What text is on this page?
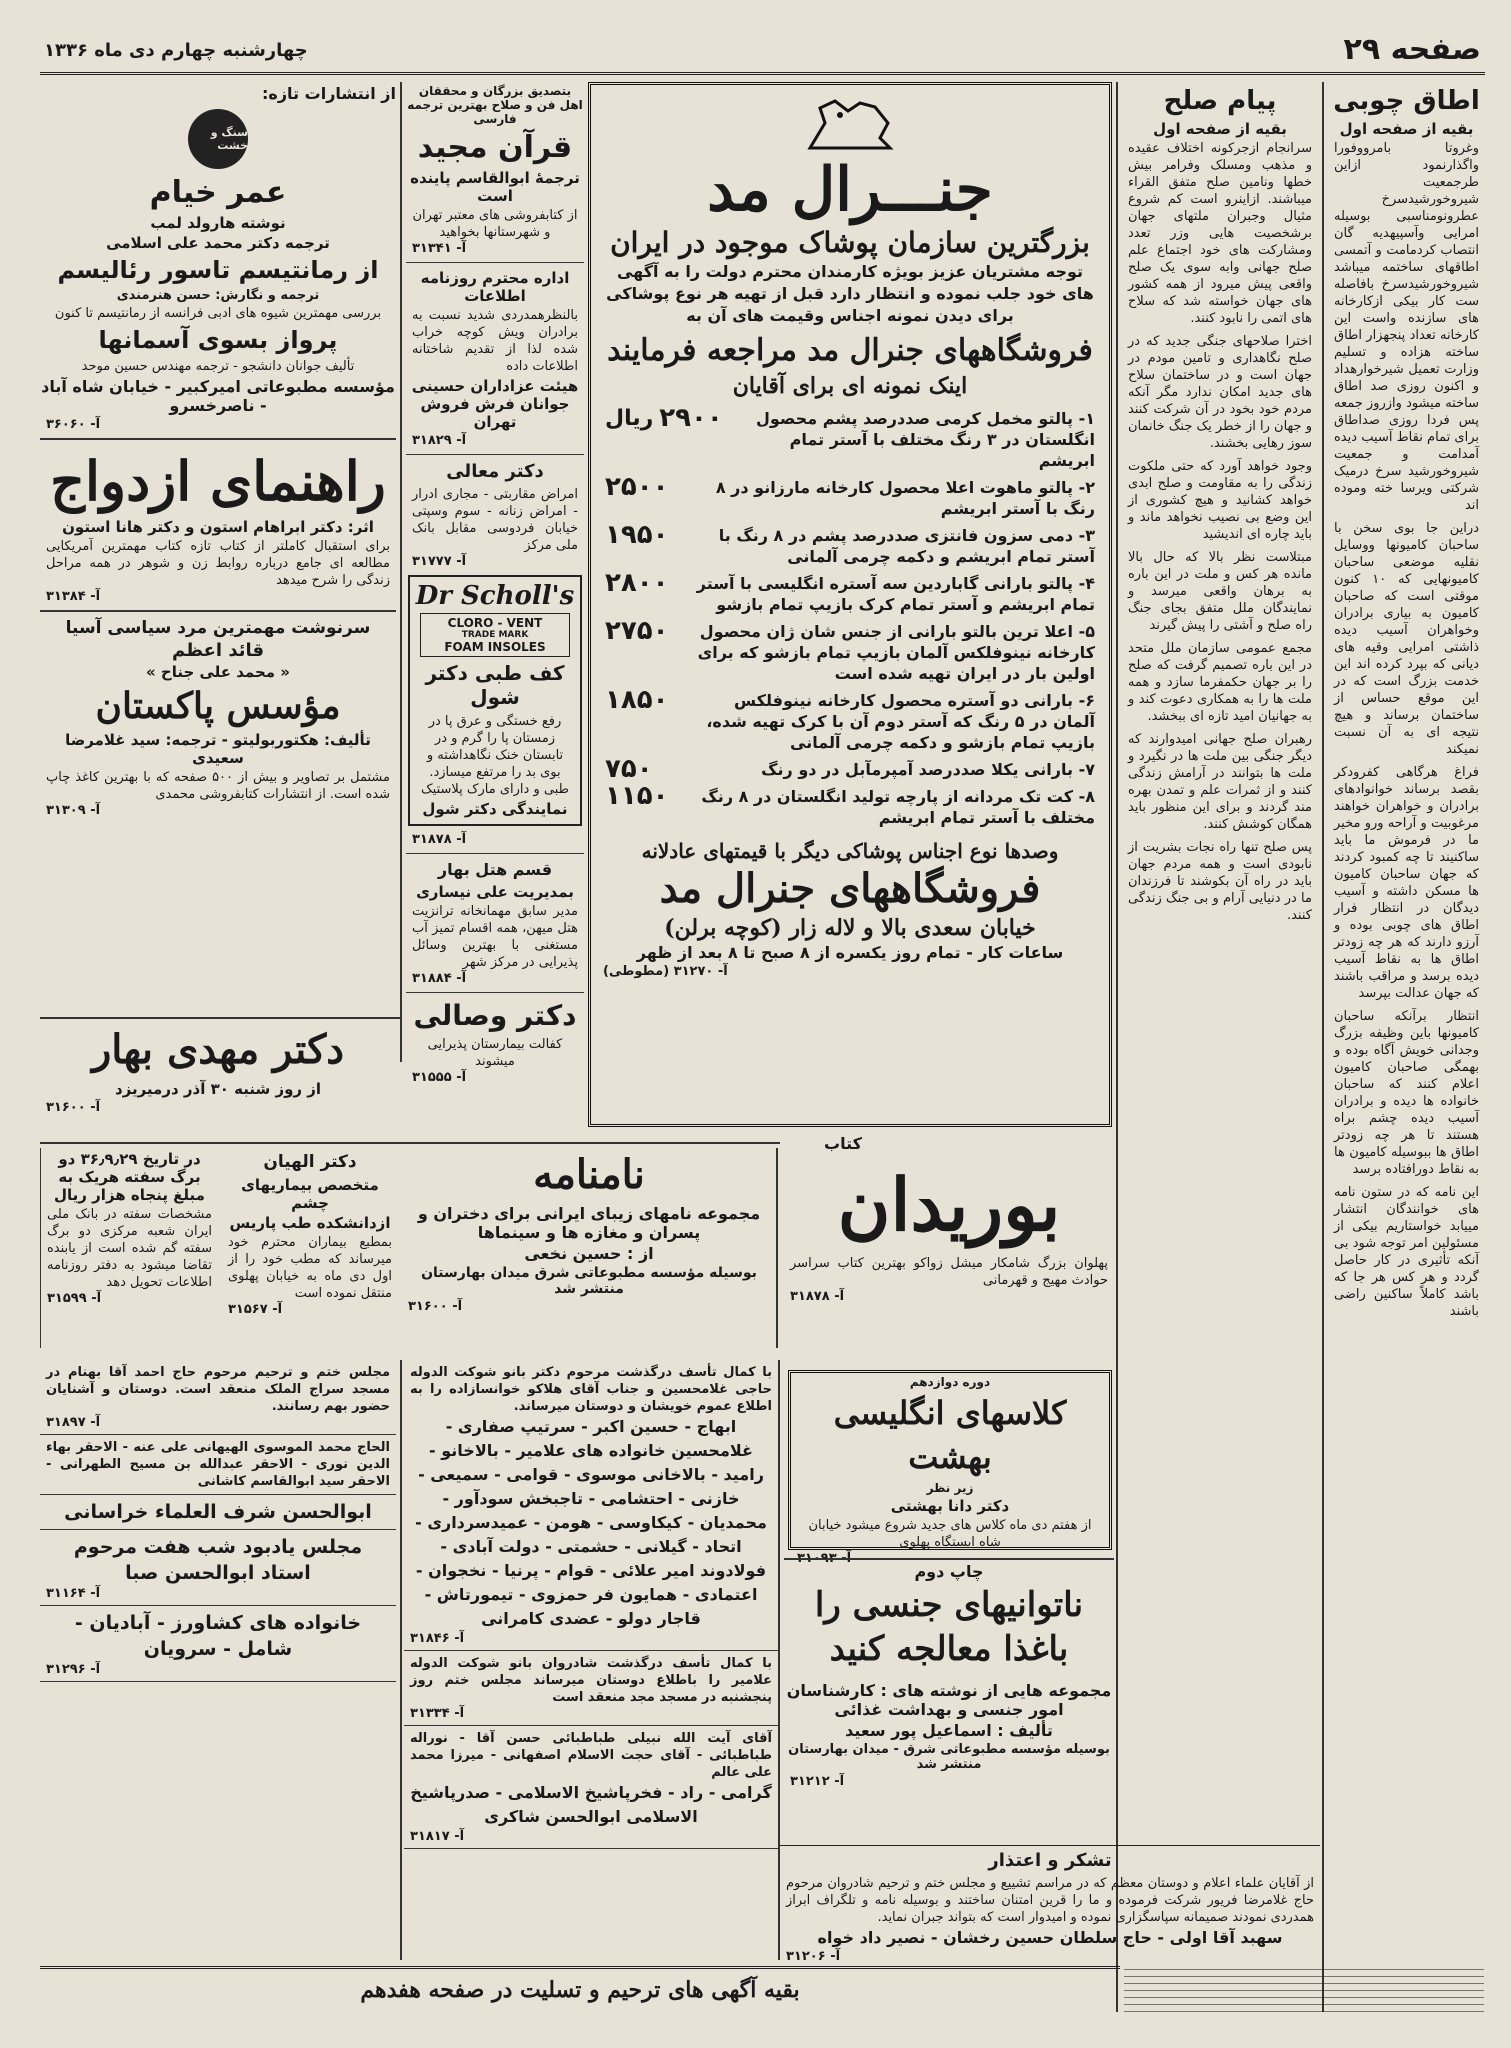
صفحه ۲۹
چهارشنبه چهارم دی ماه ۱۳۳۶
اطاق چوبی
بقیه از صفحه اول
وغروتا بامرووفورا واگذارنمود ازاین طرجمعیت شیروخورشیدسرخ عطرونومناسبی بوسیله امرایی وآسپیهدیه گان انتصاب کردمامت و آتمسی اطاقهای ساختمه میباشد شیروخورشیدسرخ بافاصله ست کار بیکی ازکارخانه های سازنده واست این کارخانه تعداد پنجهزار اطاق ساخته هزاده و تسلیم وزارت تعمیل شیرخوارهداد و اکنون روزی صد اطاق ساخته میشود وازروز جمعه پس فردا روزی صداطاق برای تمام نقاط آسیب دیده آمدامت و جمعیت شیروخورشید سرخ درمیک شرکتی ویرسا خته وموده اند
دراین جا بوی سخن با ساحبان کامیونها ووسایل نقلیه موضعی ساحبان کامیونهایی که ۱۰ کنون موقتی است که صاحبان کامیون به بیاری برادران وخواهران آسیب دیده ذاشتی امرایی وقیه های دیانی که بپرد کرده اند این خدمت بزرگ است که در این موقع حساس از ساختمان برساند و هیچ نتیجه ای به آن نسبت نمیکند
فراغ هرگاهی کفرودکر بقصد برساند خوانوادهای برادران و خواهران خواهند مرغوبیت و آراحه ورو مخیر ما در فرموش ما باید ساکنیند تا چه کمبود کردند که جهان ساحبان کامیون ها مسکن داشته و آسیب دیدگان در انتظار فرار اطاق های چوبی بوده و آرزو دارند که هر چه زودتر اطاق ها به نقاط آسیب دیده برسد و مراقب باشند که جهان عدالت بپرسد
انتظار برآنکه ساحبان کامیونها باین وظیفه بزرگ وجدانی خویش آگاه بوده و بهمگی صاحبان کامیون اعلام کنند که ساحبان خانواده ها دیده و برادران آسیب دیده چشم براه هستند تا هر چه زودتر اطاق ها ببوسیله کامیون ها به نقاط دورافتاده برسد
این نامه که در ستون نامه های خوانندگان انتشار مییابد خواستاریم بیکی از مسئولین امر توجه شود بی آنکه تأثیری در کار حاصل گردد و هر کس هر جا که باشد کاملاً ساکنین راضی باشند
پیام صلح
بقیه از صفحه اول
سرانجام ازجرکونه اختلاف عقیده و مذهب ومسلک وفرامر بیش خطها ونامین صلح متفق القراء میباشند. ازاینرو است کم شروع مثیال وجبران ملتهای جهان برشخصیت هایی وزر تعدد ومشارکت های خود اجتماع علم صلح جهانی وابه سوی یک صلح واقعی پیش میرود از همه کشور های جهان خواسته شد که سلاح های اتمی را نابود کنند.
اخترا صلاحهای جنگی جدید که در صلح نگاهداری و تامین مودم در جهان است و در ساختمان سلاح های جدید امکان ندارد مگر آنکه مردم خود بخود در آن شرکت کنند و جهان را از خطر یک جنگ خانمان سوز رهایی بخشند.
وجود خواهد آورد که حتی ملکوت زندگی را به مقاومت و صلح ابدی خواهد کشانید و هیچ کشوری از این وضع بی نصیب نخواهد ماند و باید چاره ای اندیشید
مبتلاست نظر بالا که حال بالا مانده هر کس و ملت در این باره به برهان واقعی میرسد و نمایندگان ملل متفق بجای جنگ راه صلح و آشتی را پیش گیرند
مجمع عمومی سازمان ملل متحد در این باره تصمیم گرفت که صلح را بر جهان حکمفرما سازد و همه ملت ها را به همکاری دعوت کند و به جهانیان امید تازه ای ببخشد.
رهبران صلح جهانی امیدوارند که دیگر جنگی بین ملت ها در نگیرد و ملت ها بتوانند در آرامش زندگی کنند و از ثمرات علم و تمدن بهره مند گردند و برای این منظور باید همگان کوشش کنند.
پس صلح تنها راه نجات بشریت از نابودی است و همه مردم جهان باید در راه آن بکوشند تا فرزندان ما در دنیایی آرام و بی جنگ زندگی کنند.
تشکر و اعتذار
از آقایان علماء اعلام و دوستان معظم که در مراسم تشییع و مجلس ختم و ترحیم شادروان مرحوم حاج غلامرضا فریور شرکت فرموده و ما را قرین امتنان ساختند و بوسیله نامه و تلگراف ابراز همدردی نمودند صمیمانه سپاسگزاری نموده و امیدوار است که بتواند جبران نماید.
سهبد آقا اولی - حاج سلطان حسین رخشان - نصیر داد خواه
آ- ۳۱۲۰۶
جنـــرال مد
بزرگترین سازمان پوشاک موجود در ایران
توجه مشتریان عزیز بویژه کارمندان محترم دولت را به آگهی های خود جلب نموده و انتظار دارد قبل از تهیه هر نوع پوشاکی برای دیدن نمونه اجناس وقیمت های آن به
فروشگاههای جنرال مد مراجعه فرمایند
اینک نمونه ای برای آقایان
۱- پالتو مخمل کرمی صددرصد پشم محصول انگلستان در ۳ رنگ مختلف با آستر تمام ابریشم
۲۹۰۰
ریال
۲- پالتو ماهوت اعلا محصول کارخانه مارزانو در ۸ رنگ با آستر ابریشم
۲۵۰۰
۳- دمی سزون فانتزی صددرصد پشم در ۸ رنگ با آستر تمام ابریشم و دکمه چرمی آلمانی
۱۹۵۰
۴- پالتو بارانی گاباردین سه آستره انگلیسی با آستر تمام ابریشم و آستر تمام کرک بازیپ تمام بازشو
۲۸۰۰
۵- اعلا ترین بالتو بارانی از جنس شان ژان محصول کارخانه نینوفلکس آلمان بازیپ تمام بازشو که برای اولین بار در ایران تهیه شده است
۲۷۵۰
۶- بارانی دو آستره محصول کارخانه نینوفلکس آلمان در ۵ رنگ که آستر دوم آن با کرک تهیه شده، بازیپ تمام بازشو و دکمه چرمی آلمانی
۱۸۵۰
۷- بارانی یکلا صددرصد آمپرمآبل در دو رنگ
۷۵۰
۸- کت تک مردانه از پارچه تولید انگلستان در ۸ رنگ مختلف با آستر تمام ابریشم
۱۱۵۰
وصدها نوع اجناس پوشاکی دیگر با قیمتهای عادلانه
فروشگاههای جنرال مد
خیابان سعدی بالا و لاله زار (کوچه برلن)
ساعات کار - تمام روز یکسره از ۸ صبح تا ۸ بعد از ظهر
آ- ۳۱۲۷۰ (مطوطی)
بتصدیق بزرگان و محققان اهل فن و صلاح بهترین ترجمه فارسی
قرآن مجید
ترجمهٔ ابوالقاسم پاینده است
از کتابفروشی های معتبر تهران و شهرستانها بخواهید
آ- ۳۱۳۴۱
اداره محترم روزنامه اطلاعات
بالنظرهمدردی شدید نسبت به برادران ویش کوچه خراب شده لذا از تقدیم شاختانه اطلاعات داده
هیئت عزاداران حسینی جوانان فرش فروش تهران
آ- ۳۱۸۲۹
دکتر معالی
امراض مقاربتی - مجاری ادرار - امراض زنانه - سوم وسپتی خیابان فردوسی مقابل بانک ملی مرکز
آ- ۳۱۷۷۷
Dr Scholl's
CLORO - VENT
TRADE MARK
FOAM INSOLES
کف طبی دکتر شول
رفع خستگی و عرق پا در زمستان پا را گرم و در تابستان خنک نگاهداشته و بوی بد را مرتفع میسازد. طبی و دارای مارک پلاستیک
نمایندگی دکتر شول
آ- ۳۱۸۷۸
قسم هتل بهار
بمدیریت علی نیساری
مدیر سابق مهمانخانه ترانزیت هتل میهن، همه اقسام تمیز آب مستغنی با بهترین وسائل پذیرایی در مرکز شهر
آ- ۳۱۸۸۴
دکتر وصالی
کفالت بیمارستان پذیرایی میشوند
آ- ۳۱۵۵۵
از انتشارات تازه:
سنگ و خشت
عمر خیام
نوشته هارولد لمب
ترجمه دکتر محمد علی اسلامی
از رمانتیسم تاسور رئالیسم
ترجمه و نگارش: حسن هنرمندی
بررسی مهمترین شیوه های ادبی فرانسه از رمانتیسم تا کنون
پرواز بسوی آسمانها
تألیف جوانان دانشجو - ترجمه مهندس حسین موحد
مؤسسه مطبوعاتی امیرکبیر - خیابان شاه آباد - ناصرخسرو
آ- ۳۶۰۶۰
راهنمای ازدواج
اثر: دکتر ابراهام استون و دکتر هانا استون
برای استقبال کاملتر از کتاب تازه کتاب مهمترین آمریکایی مطالعه ای جامع درباره روابط زن و شوهر در همه مراحل زندگی را شرح میدهد
آ- ۳۱۳۸۴
سرنوشت مهمترین مرد سیاسی آسیا
قائد اعظم
« محمد علی جناح »
مؤسس پاکستان
تألیف: هکتوربولیتو - ترجمه: سید غلامرضا سعیدی
مشتمل بر تصاویر و بیش از ۵۰۰ صفحه که با بهترین کاغذ چاپ شده است. از انتشارات کتابفروشی محمدی
آ- ۳۱۳۰۹
دکتر مهدی بهار
از روز شنبه ۳۰ آذر درمیریزد
آ- ۳۱۶۰۰
در تاریخ ۳۶٫۹٫۲۹ دو برگ سفته هریک به مبلغ پنجاه هزار ریال
مشخصات سفته در بانک ملی ایران شعبه مرکزی دو برگ سفته گم شده است از یابنده تقاضا میشود به دفتر روزنامه اطلاعات تحویل دهد
آ- ۳۱۵۹۹
دکتر الهیان
متخصص بیماریهای چشم
ازدانشکده طب پاریس
بمطبع بیماران محترم خود میرساند که مطب خود را از اول دی ماه به خیابان پهلوی منتقل نموده است
آ- ۳۱۵۶۷
نامنامه
مجموعه نامهای زیبای ایرانی برای دختران و پسران و مغازه ها و سینماها
از : حسین نخعی
بوسیله مؤسسه مطبوعاتی شرق میدان بهارستان منتشر شد
آ- ۳۱۶۰۰
کتاب
بوریدان
پهلوان بزرگ شامکار میشل زواکو بهترین کتاب سراسر حوادث مهیج و قهرمانی
آ- ۳۱۸۷۸
دوره دوازدهم
کلاسهای انگلیسی بهشت
زیر نظر
دکتر دانا بهشتی
از هفتم دی ماه کلاس های جدید شروع میشود خیابان شاه ایستگاه پهلوی
آ- ۳۱۰۹۳
چاپ دوم
ناتوانیهای جنسی را باغذا معالجه کنید
مجموعه هایی از نوشته های : کارشناسان امور جنسی و بهداشت غذائی
تألیف : اسماعیل پور سعید
بوسیله مؤسسه مطبوعاتی شرق - میدان بهارستان منتشر شد
آ- ۳۱۲۱۲
مجلس ختم و ترحیم مرحوم حاج احمد آقا بهنام در مسجد سراج الملک منعقد است. دوستان و آشنایان حضور بهم رسانند.
آ- ۳۱۸۹۷
الحاج محمد الموسوی الهیهانی علی عنه - الاحقر بهاء الدین نوری - الاحقر عبدالله بن مسیح الطهرانی - الاحقر سید ابوالقاسم کاشانی
ابوالحسن شرف العلماء خراسانی
مجلس یادبود شب هفت مرحوم استاد ابوالحسن صبا
آ- ۳۱۱۶۴
خانواده های کشاورز - آبادیان - شامل - سرویان
آ- ۳۱۲۹۶
با کمال تأسف درگذشت مرحوم دکتر بانو شوکت الدوله حاجی غلامحسین و جناب آقای هلاکو خوانسازاده را به اطلاع عموم خویشان و دوستان میرساند.
ابهاج - حسین اکبر - سرتیپ صفاری - غلامحسین خانواده های علامیر - بالاخانو - رامید - بالاخانی موسوی - قوامی - سمیعی - خازنی - احتشامی - تاجبخش سودآور - محمدیان - کیکاوسی - هومن - عمیدسرداری - اتحاد - گیلانی - حشمتی - دولت آبادی - فولادوند امیر علائی - قوام - پرنیا - نخجوان - اعتمادی - همایون فر حمزوی - تیمورتاش - قاجار دولو - عضدی کامرانی
آ- ۳۱۸۴۶
با کمال تأسف درگذشت شادروان بانو شوکت الدوله علامیر را باطلاع دوستان میرساند مجلس ختم روز پنجشنبه در مسجد مجد منعقد است
آ- ۳۱۳۳۴
آقای آیت الله نبیلی طباطبائی حسن آقا - نوراله طباطبائی - آقای حجت الاسلام اصفهانی - میرزا محمد علی عالم
گرامی - راد - فخرپاشیخ الاسلامی - صدرپاشیخ الاسلامی ابوالحسن شاکری
آ- ۳۱۸۱۷
بقیه آگهی های ترحیم و تسلیت در صفحه هفدهم
